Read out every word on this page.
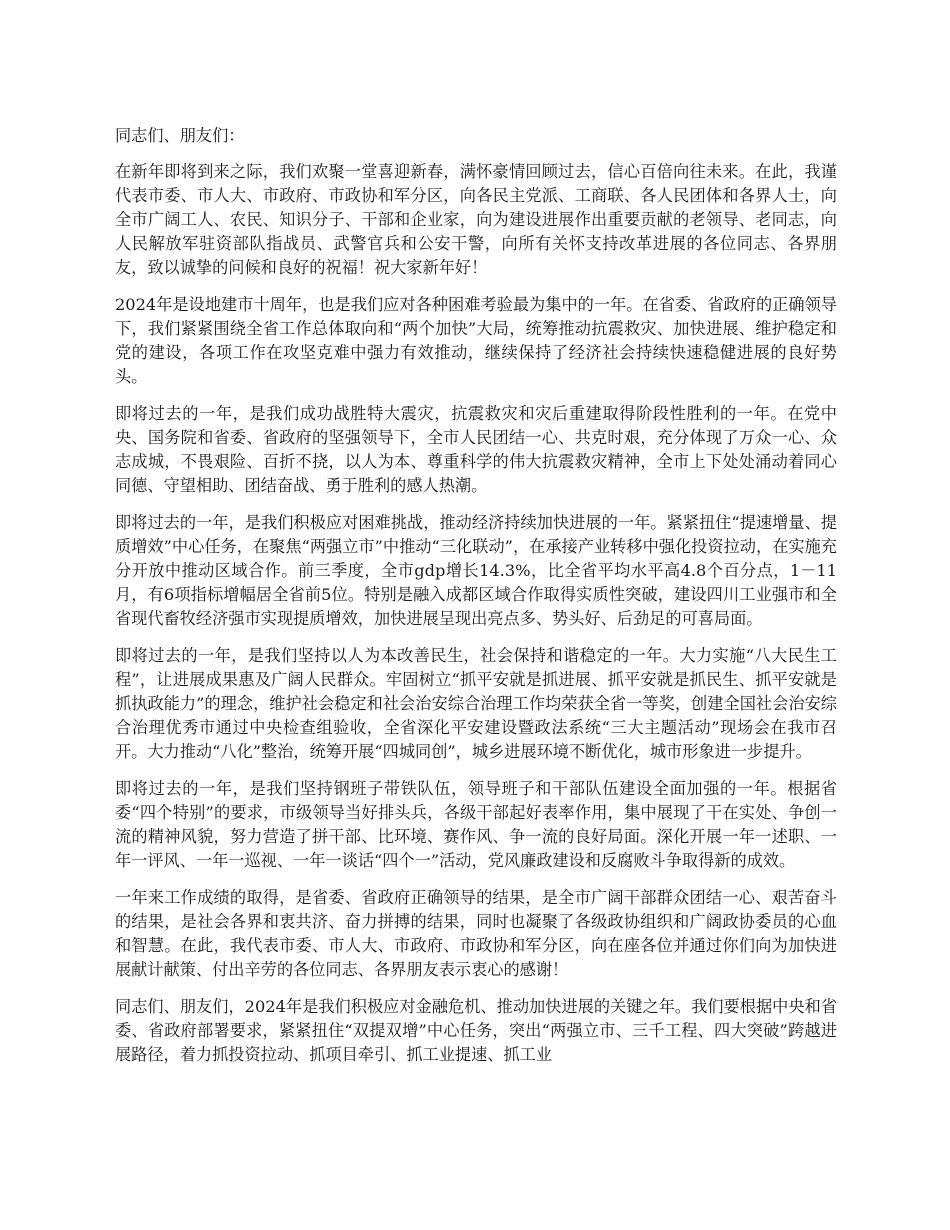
同志们、朋友们：

在新年即将到来之际，我们欢聚一堂喜迎新春，满怀豪情回顾过去，信心百倍向往未来。在此，我谨代表市委、市人大、市政府、市政协和军分区，向各民主党派、工商联、各人民团体和各界人士，向全市广阔工人、农民、知识分子、干部和企业家，向为建设进展作出重要贡献的老领导、老同志，向人民解放军驻资部队指战员、武警官兵和公安干警，向所有关怀支持改革进展的各位同志、各界朋友，致以诚挚的问候和良好的祝福！祝大家新年好！

2024年是设地建市十周年，也是我们应对各种困难考验最为集中的一年。在省委、省政府的正确领导下，我们紧紧围绕全省工作总体取向和“两个加快”大局，统筹推动抗震救灾、加快进展、维护稳定和党的建设，各项工作在攻坚克难中强力有效推动，继续保持了经济社会持续快速稳健进展的良好势头。

即将过去的一年，是我们成功战胜特大震灾，抗震救灾和灾后重建取得阶段性胜利的一年。在党中央、国务院和省委、省政府的坚强领导下，全市人民团结一心、共克时艰，充分体现了万众一心、众志成城，不畏艰险、百折不挠，以人为本、尊重科学的伟大抗震救灾精神，全市上下处处涌动着同心同德、守望相助、团结奋战、勇于胜利的感人热潮。

即将过去的一年，是我们积极应对困难挑战，推动经济持续加快进展的一年。紧紧扭住“提速增量、提质增效”中心任务，在聚焦“两强立市”中推动“三化联动”，在承接产业转移中强化投资拉动，在实施充分开放中推动区域合作。前三季度，全市gdp增长14.3%，比全省平均水平高4.8个百分点，1－11月，有6项指标增幅居全省前5位。特别是融入成都区域合作取得实质性突破，建设四川工业强市和全省现代畜牧经济强市实现提质增效，加快进展呈现出亮点多、势头好、后劲足的可喜局面。

即将过去的一年，是我们坚持以人为本改善民生，社会保持和谐稳定的一年。大力实施“八大民生工程”，让进展成果惠及广阔人民群众。牢固树立“抓平安就是抓进展、抓平安就是抓民生、抓平安就是抓执政能力”的理念，维护社会稳定和社会治安综合治理工作均荣获全省一等奖，创建全国社会治安综合治理优秀市通过中央检查组验收，全省深化平安建设暨政法系统“三大主题活动”现场会在我市召开。大力推动“八化”整治，统筹开展“四城同创”，城乡进展环境不断优化，城市形象进一步提升。

即将过去的一年，是我们坚持钢班子带铁队伍，领导班子和干部队伍建设全面加强的一年。根据省委“四个特别”的要求，市级领导当好排头兵，各级干部起好表率作用，集中展现了干在实处、争创一流的精神风貌，努力营造了拼干部、比环境、赛作风、争一流的良好局面。深化开展一年一述职、一年一评风、一年一巡视、一年一谈话“四个一”活动，党风廉政建设和反腐败斗争取得新的成效。

一年来工作成绩的取得，是省委、省政府正确领导的结果，是全市广阔干部群众团结一心、艰苦奋斗的结果，是社会各界和衷共济、奋力拼搏的结果，同时也凝聚了各级政协组织和广阔政协委员的心血和智慧。在此，我代表市委、市人大、市政府、市政协和军分区，向在座各位并通过你们向为加快进展献计献策、付出辛劳的各位同志、各界朋友表示衷心的感谢！

同志们、朋友们，2024年是我们积极应对金融危机、推动加快进展的关键之年。我们要根据中央和省委、省政府部署要求，紧紧扭住“双提双增”中心任务，突出“两强立市、三千工程、四大突破”跨越进展路径，着力抓投资拉动、抓项目牵引、抓工业提速、抓工业
